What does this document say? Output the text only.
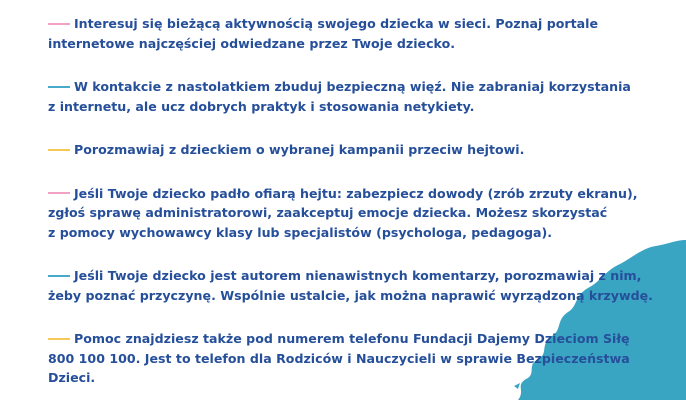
Interesuj się bieżącą aktywnością swojego dziecka w sieci. Poznaj portale
internetowe najczęściej odwiedzane przez Twoje dziecko.

W kontakcie z nastolatkiem zbuduj bezpieczną więź. Nie zabraniaj korzystania
z internetu, ale ucz dobrych praktyk i stosowania netykiety.

Porozmawiaj z dzieckiem o wybranej kampanii przeciw hejtowi.

Jeśli Twoje dziecko padło ofiarą hejtu: zabezpiecz dowody (zrób zrzuty ekranu),
zgłoś sprawę administratorowi, zaakceptuj emocje dziecka. Możesz skorzystać
z pomocy wychowawcy klasy lub specjalistów (psychologa, pedagoga).

Jeśli Twoje dziecko jest autorem nienawistnych komentarzy, porozmawiaj z nim,
żeby poznać przyczynę. Wspólnie ustalcie, jak można naprawić wyrządzoną krzywdę.

Pomoc znajdziesz także pod numerem telefonu Fundacji Dajemy Dzieciom Siłę
800 100 100. Jest to telefon dla Rodziców i Nauczycieli w sprawie Bezpieczeństwa
Dzieci.
